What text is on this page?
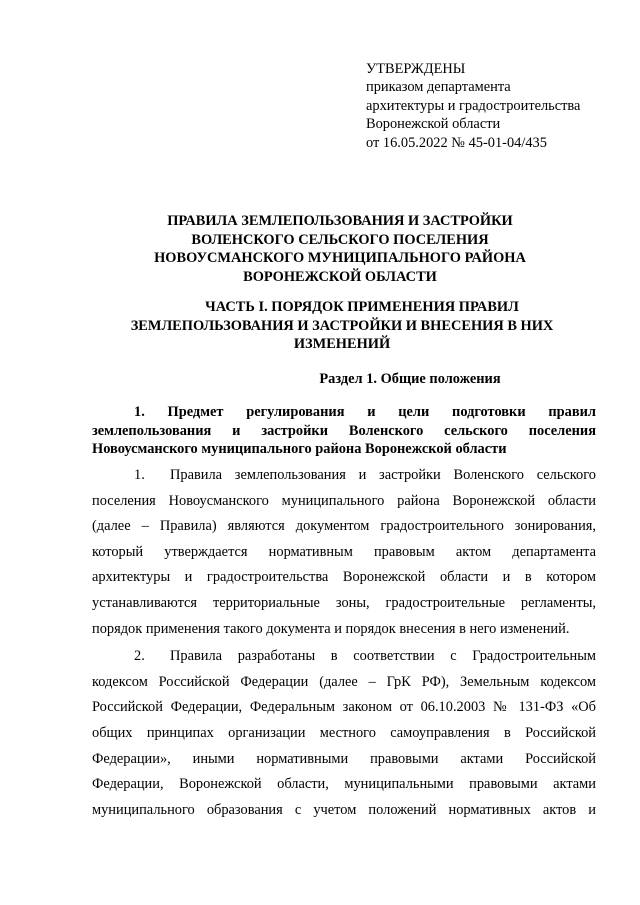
УТВЕРЖДЕНЫ
приказом департамента
архитектуры и градостроительства
Воронежской области
от 16.05.2022 № 45-01-04/435
ПРАВИЛА ЗЕМЛЕПОЛЬЗОВАНИЯ И ЗАСТРОЙКИ
ВОЛЕНСКОГО СЕЛЬСКОГО ПОСЕЛЕНИЯ
НОВОУСМАНСКОГО МУНИЦИПАЛЬНОГО РАЙОНА
ВОРОНЕЖСКОЙ ОБЛАСТИ
ЧАСТЬ I. ПОРЯДОК ПРИМЕНЕНИЯ ПРАВИЛ
ЗЕМЛЕПОЛЬЗОВАНИЯ И ЗАСТРОЙКИ И ВНЕСЕНИЯ В НИХ
ИЗМЕНЕНИЙ
Раздел 1. Общие положения
1. Предмет регулирования и цели подготовки правил
землепользования и застройки Воленского сельского поселения
Новоусманского муниципального района Воронежской области
1. Правила землепользования и застройки Воленского сельского
поселения Новоусманского муниципального района Воронежской области
(далее – Правила) являются документом градостроительного зонирования,
который утверждается нормативным правовым актом департамента
архитектуры и градостроительства Воронежской области и в котором
устанавливаются территориальные зоны, градостроительные регламенты,
порядок применения такого документа и порядок внесения в него изменений.
2. Правила разработаны в соответствии с Градостроительным
кодексом Российской Федерации (далее – ГрК РФ), Земельным кодексом
Российской Федерации, Федеральным законом от 06.10.2003 № 131-ФЗ «Об
общих принципах организации местного самоуправления в Российской
Федерации», иными нормативными правовыми актами Российской
Федерации, Воронежской области, муниципальными правовыми актами
муниципального образования с учетом положений нормативных актов и
